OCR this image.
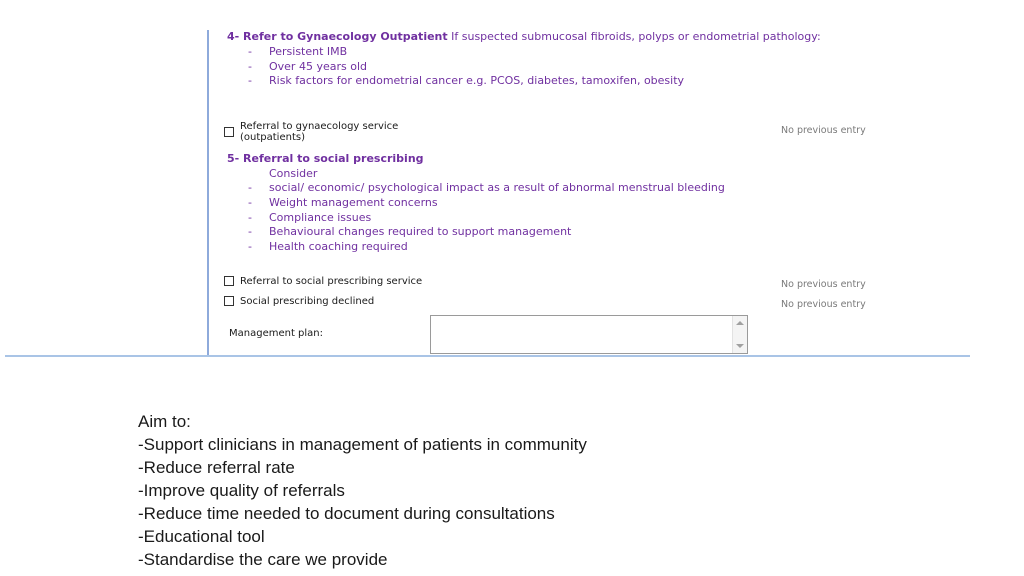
4- Refer to Gynaecology Outpatient If suspected submucosal fibroids, polyps or endometrial pathology:
- Persistent IMB
- Over 45 years old
- Risk factors for endometrial cancer e.g. PCOS, diabetes, tamoxifen, obesity
Referral to gynaecology service
(outpatients)
No previous entry
5- Referral to social prescribing
Consider
- social/ economic/ psychological impact as a result of abnormal menstrual bleeding
- Weight management concerns
- Compliance issues
- Behavioural changes required to support management
- Health coaching required
Referral to social prescribing service	No previous entry
Social prescribing declined	No previous entry
Management plan:
Aim to:
-Support clinicians in management of patients in community
-Reduce referral rate
-Improve quality of referrals
-Reduce time needed to document during consultations
-Educational tool
-Standardise the care we provide
